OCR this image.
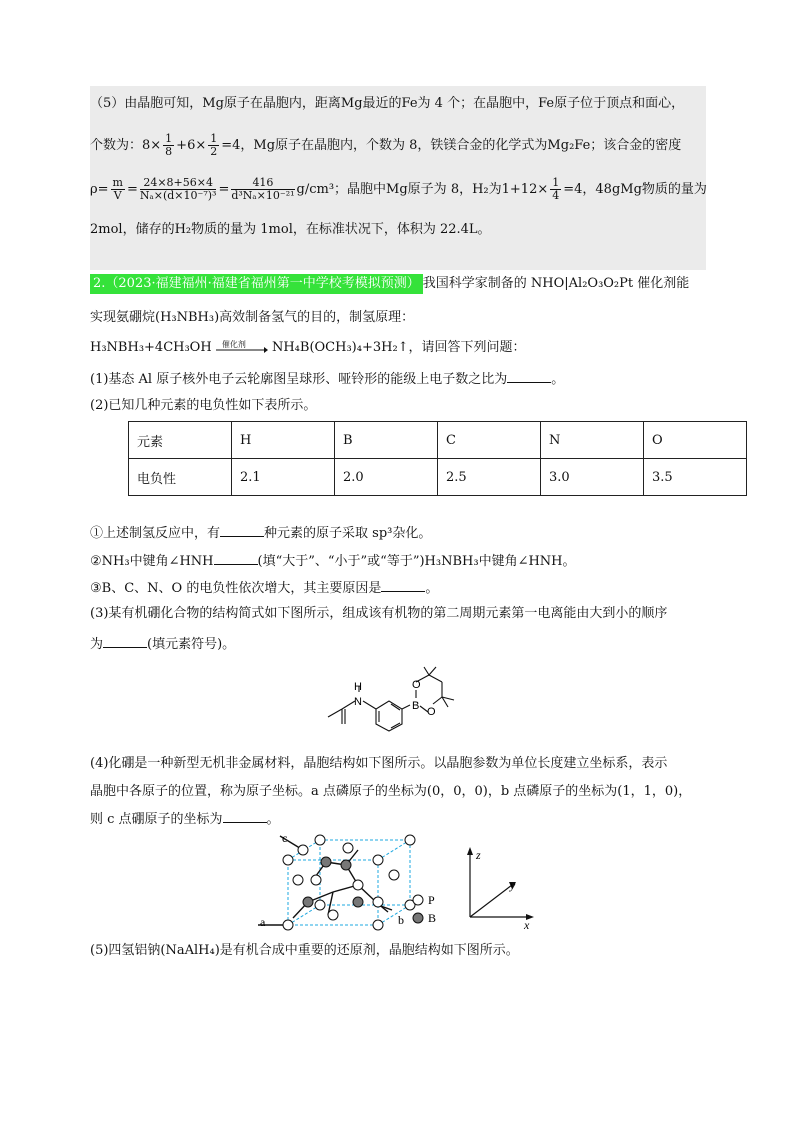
（5）由晶胞可知，Mg原子在晶胞内，距离Mg最近的Fe为 4 个；在晶胞中，Fe原子位于顶点和面心，
个数为：$8\times \frac{1}{8} +6\times \frac{1}{2} =4$，Mg原子在晶胞内，个数为 8，铁镁合金的化学式为Mg₂Fe；该合金的密度
$\rho= \frac{m}{V} = \frac{24\times 8+56\times 4}{\text{Nₐ×(d×10⁻⁷)³}} = \frac{416}{\text{d³Nₐ×10⁻²¹}} g/cm^3$；晶胞中Mg原子为 8，H₂为$1+12\times \frac{1}{4} =4$，48gMg物质的量为
2mol，储存的H₂物质的量为 1mol，在标准状况下，体积为 22.4L。
2.（2023·福建福州·福建省福州第一中学校考模拟预测） 我国科学家制备的 NHO|Al₂O₃O₂Pt 催化剂能
实现氨硼烷(H₃NBH₃)高效制备氢气的目的，制氢原理：
H₃NBH₃+4CH₃OH 催化剂 NH₄B(OCH₃)₄+3H₂↑，请回答下列问题：
(1)基态 Al 原子核外电子云轮廓图呈球形、哑铃形的能级上电子数之比为	。
(2)已知几种元素的电负性如下表所示。
元素	H	B	C	N	O
电负性	2.1	2.0	2.5	3.0	3.5
①上述制氢反应中，有	种元素的原子采取 sp³杂化。
②NH₃中键角∠HNH	(填“大于”、“小于”或“等于”)H₃NBH₃中键角∠HNH。
③B、C、N、O 的电负性依次增大，其主要原因是	。
(3)某有机硼化合物的结构简式如下图所示，组成该有机物的第二周期元素第一电离能由大到小的顺序
为	(填元素符号)。
H
N
O
B O
(4)化硼是一种新型无机非金属材料，晶胞结构如下图所示。以晶胞参数为单位长度建立坐标系，表示
晶胞中各原子的位置，称为原子坐标。a 点磷原子的坐标为(0，0，0)，b 点磷原子的坐标为(1，1，0)，
则 c 点硼原子的坐标为	。
a	b
c
P
B
z
y
x
(5)四氢铝钠(NaAlH₄)是有机合成中重要的还原剂，晶胞结构如下图所示。
